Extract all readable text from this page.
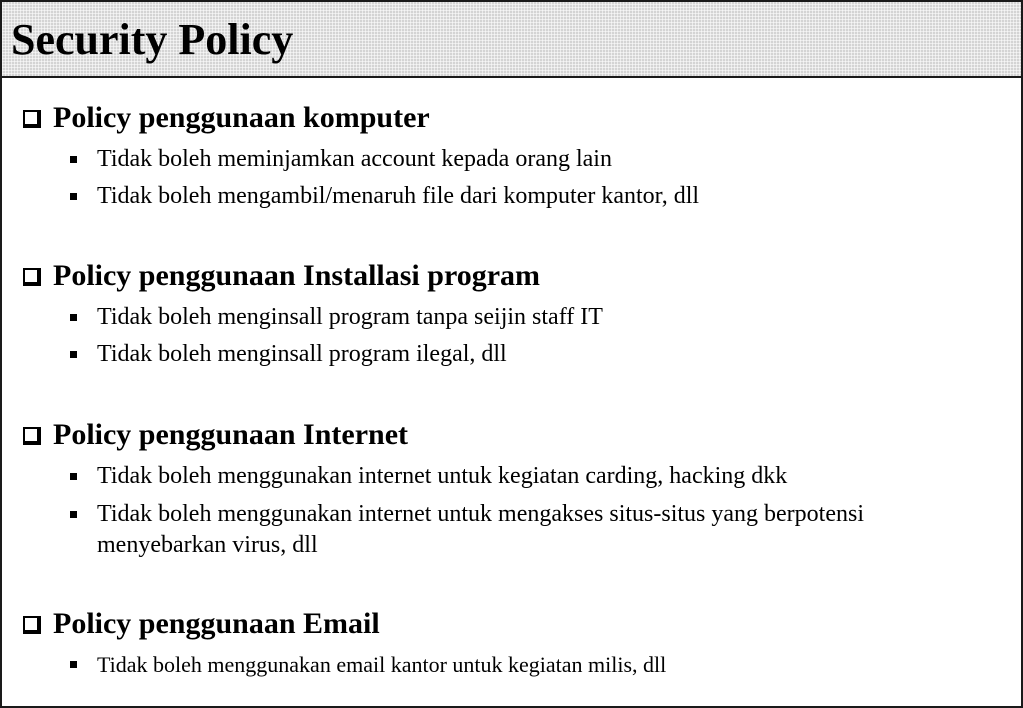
Security Policy
Policy penggunaan komputer
Tidak boleh meminjamkan account kepada orang lain
Tidak boleh mengambil/menaruh file dari komputer kantor, dll
Policy penggunaan Installasi program
Tidak boleh menginsall program tanpa seijin staff IT
Tidak boleh menginsall program ilegal, dll
Policy penggunaan Internet
Tidak boleh menggunakan internet untuk kegiatan carding, hacking dkk
Tidak boleh menggunakan internet untuk mengakses situs-situs yang berpotensi menyebarkan virus, dll
Policy penggunaan Email
Tidak boleh menggunakan email kantor untuk kegiatan milis, dll
